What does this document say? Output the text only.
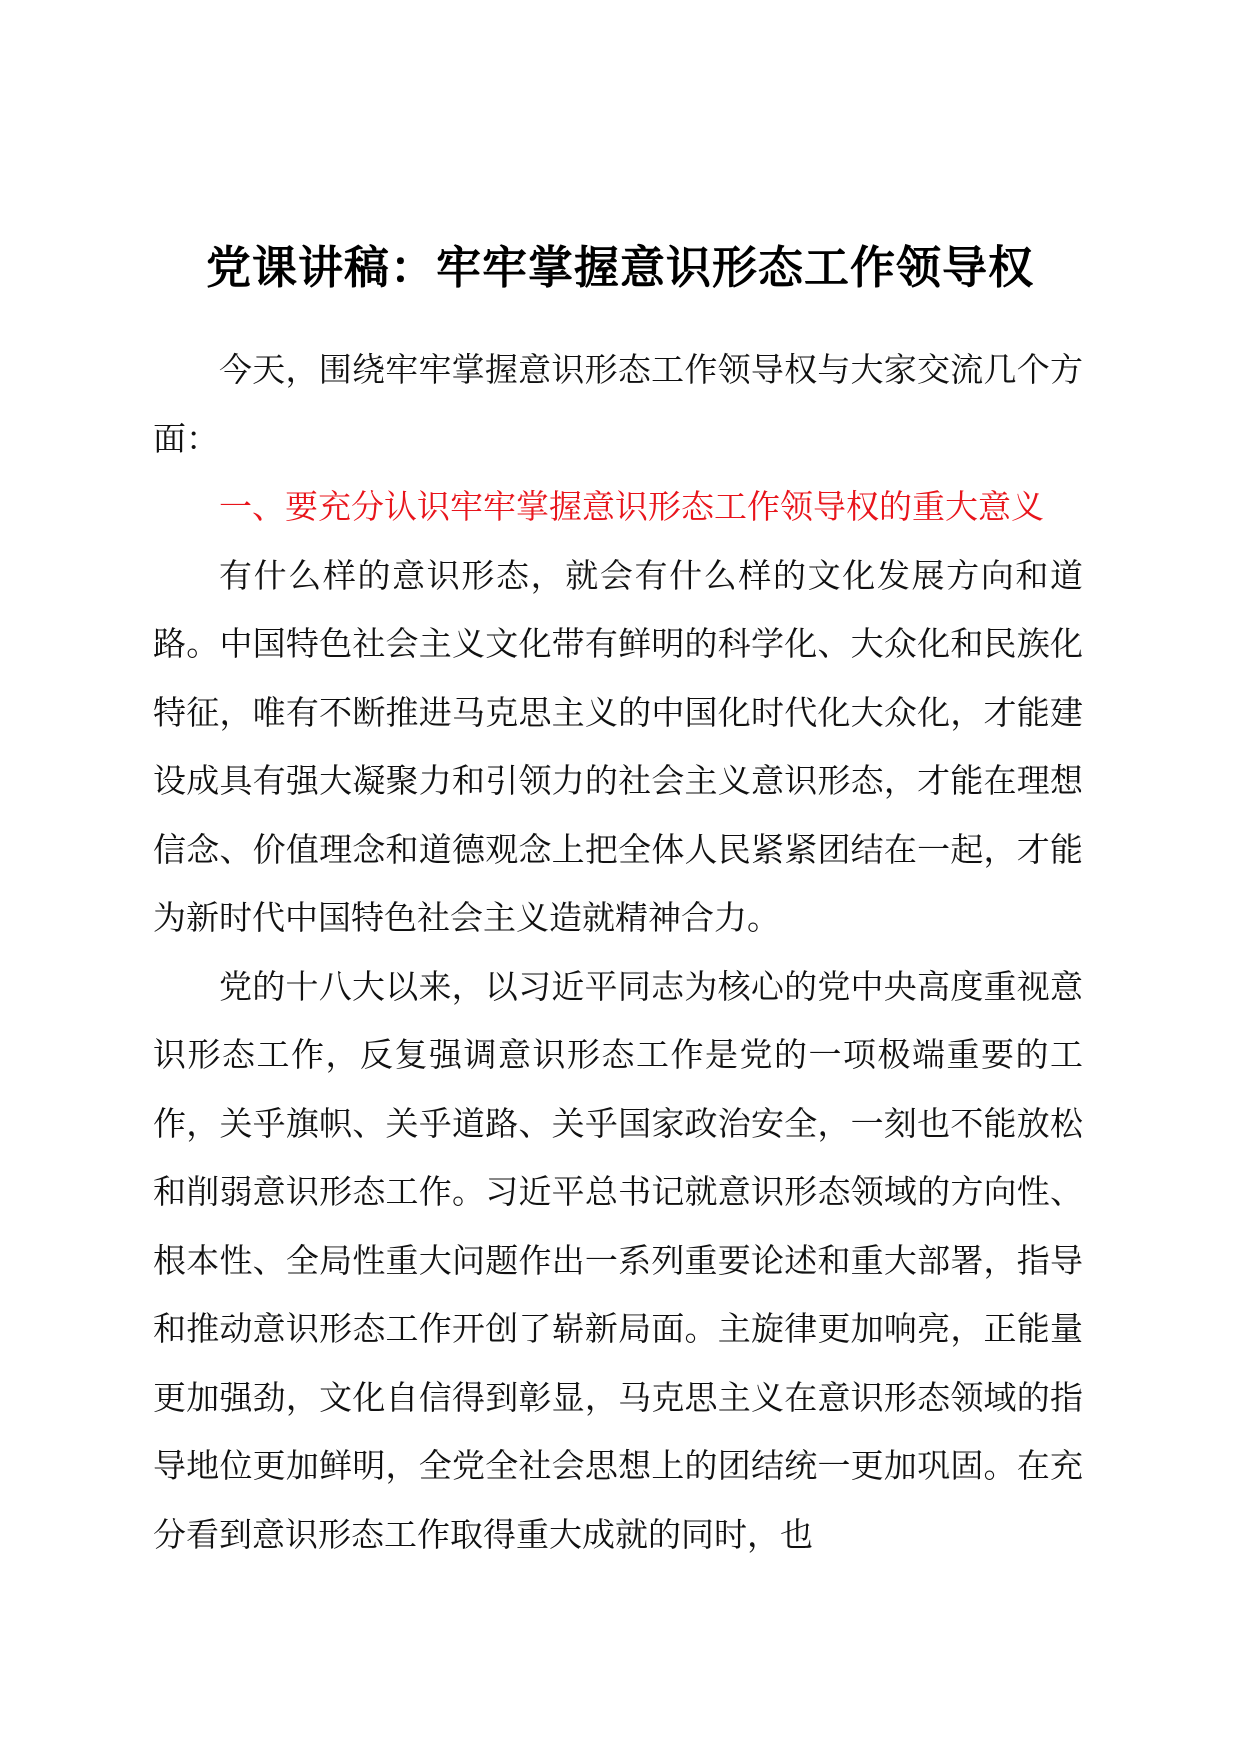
党课讲稿：牢牢掌握意识形态工作领导权

今天，围绕牢牢掌握意识形态工作领导权与大家交流几个方面：

一、要充分认识牢牢掌握意识形态工作领导权的重大意义

有什么样的意识形态，就会有什么样的文化发展方向和道路。中国特色社会主义文化带有鲜明的科学化、大众化和民族化特征，唯有不断推进马克思主义的中国化时代化大众化，才能建设成具有强大凝聚力和引领力的社会主义意识形态，才能在理想信念、价值理念和道德观念上把全体人民紧紧团结在一起，才能为新时代中国特色社会主义造就精神合力。

党的十八大以来，以习近平同志为核心的党中央高度重视意识形态工作，反复强调意识形态工作是党的一项极端重要的工作，关乎旗帜、关乎道路、关乎国家政治安全，一刻也不能放松和削弱意识形态工作。习近平总书记就意识形态领域的方向性、根本性、全局性重大问题作出一系列重要论述和重大部署，指导和推动意识形态工作开创了崭新局面。主旋律更加响亮，正能量更加强劲，文化自信得到彰显，马克思主义在意识形态领域的指导地位更加鲜明，全党全社会思想上的团结统一更加巩固。在充分看到意识形态工作取得重大成就的同时，也
